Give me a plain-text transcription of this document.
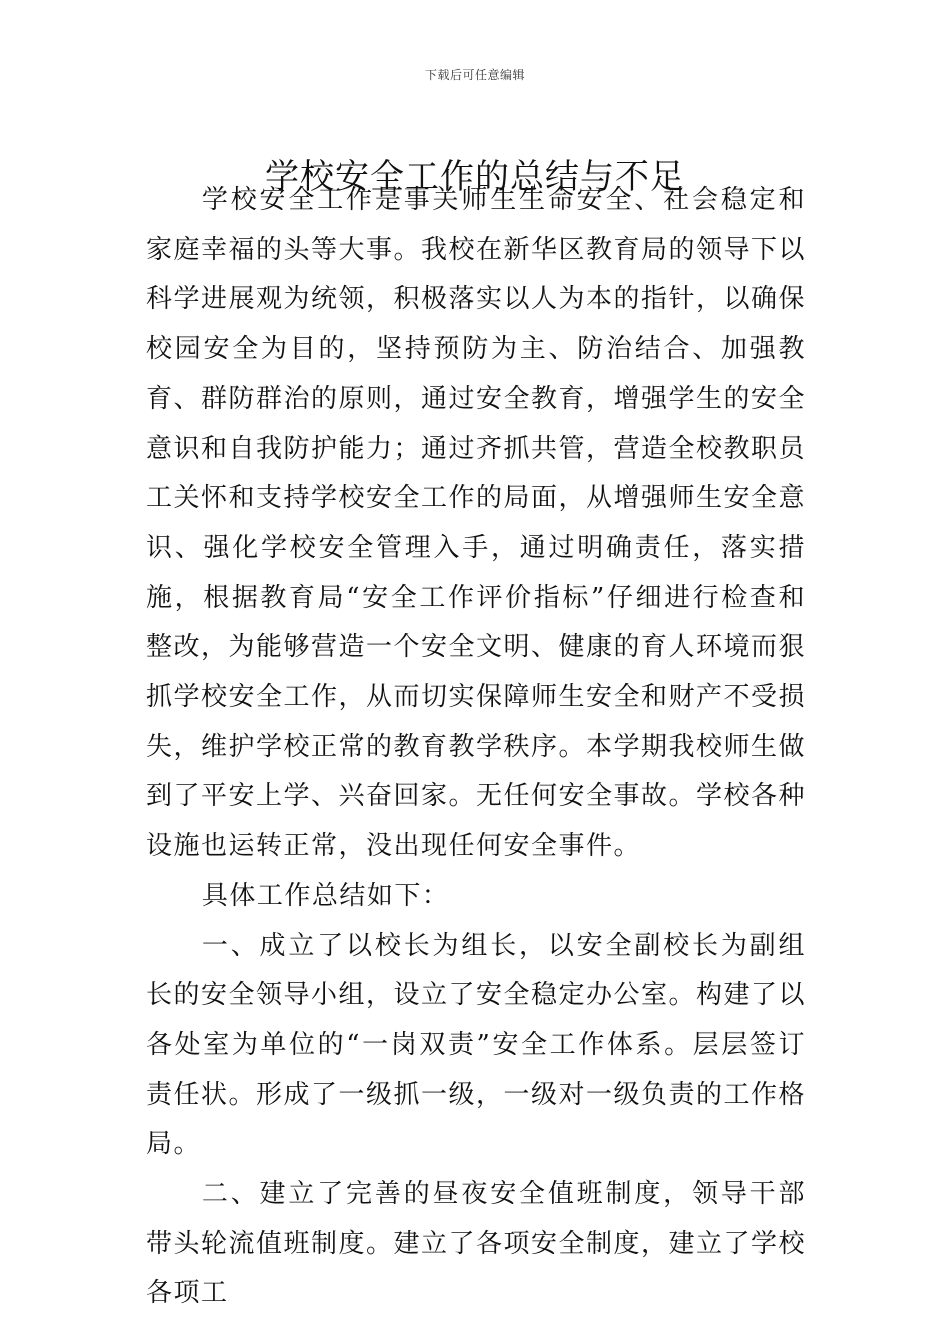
下载后可任意编辑
学校安全工作的总结与不足

学校安全工作是事关师生生命安全、社会稳定和家庭幸福的头等大事。我校在新华区教育局的领导下以科学进展观为统领，积极落实以人为本的指针，以确保校园安全为目的，坚持预防为主、防治结合、加强教育、群防群治的原则，通过安全教育，增强学生的安全意识和自我防护能力；通过齐抓共管，营造全校教职员工关怀和支持学校安全工作的局面，从增强师生安全意识、强化学校安全管理入手，通过明确责任，落实措施，根据教育局“安全工作评价指标”仔细进行检查和整改，为能够营造一个安全文明、健康的育人环境而狠抓学校安全工作，从而切实保障师生安全和财产不受损失，维护学校正常的教育教学秩序。本学期我校师生做到了平安上学、兴奋回家。无任何安全事故。学校各种设施也运转正常，没出现任何安全事件。

具体工作总结如下：

一、成立了以校长为组长，以安全副校长为副组长的安全领导小组，设立了安全稳定办公室。构建了以各处室为单位的“一岗双责”安全工作体系。层层签订责任状。形成了一级抓一级，一级对一级负责的工作格局。

二、建立了完善的昼夜安全值班制度，领导干部带头轮流值班制度。建立了各项安全制度，建立了学校各项工
